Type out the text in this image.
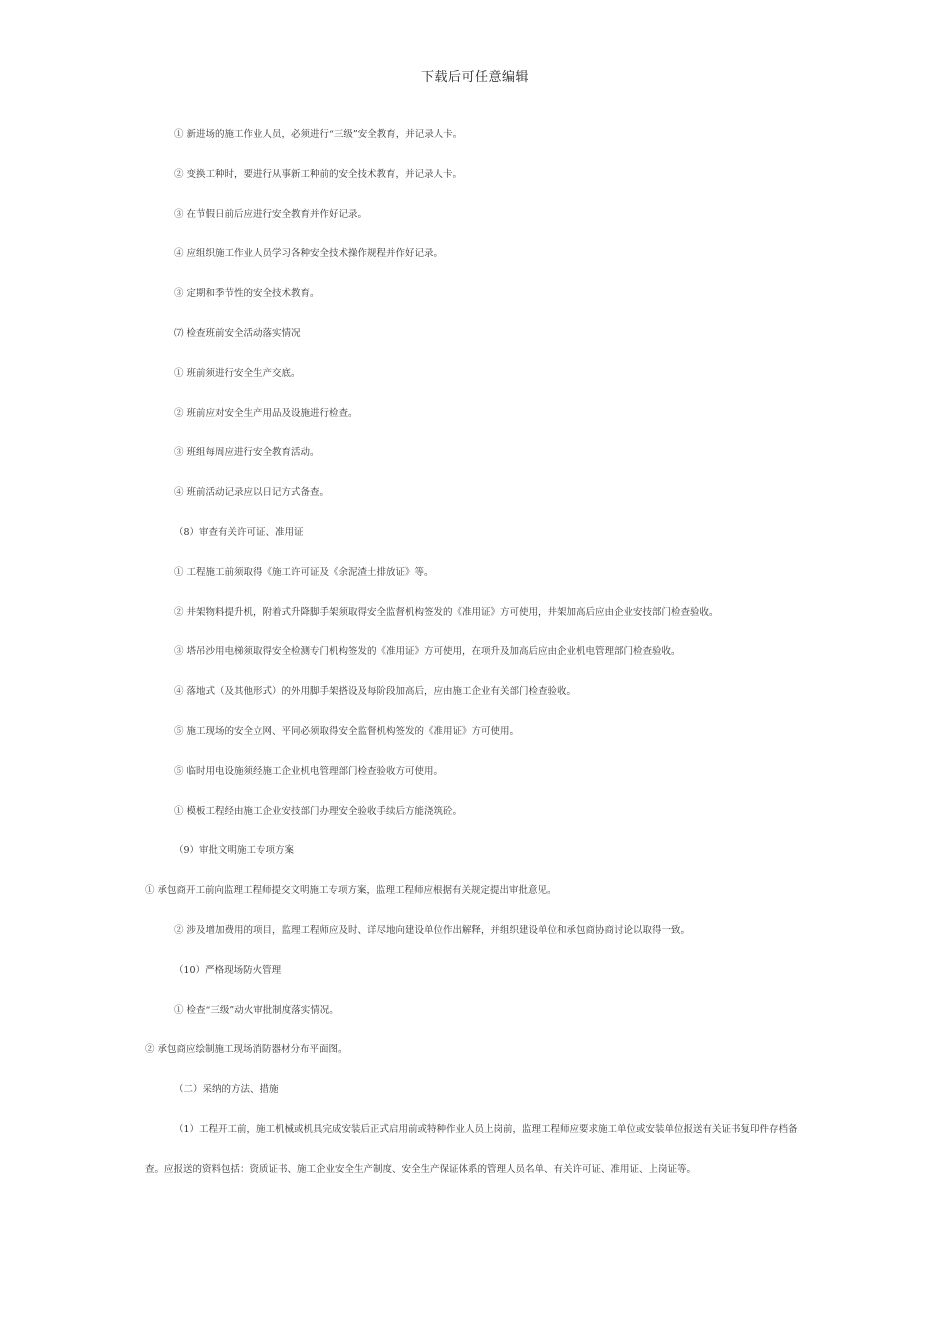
下载后可任意编辑
① 新进场的施工作业人员，必须进行“三级”安全教育，并记录人卡。
② 变换工种时，要进行从事新工种前的安全技术教育，并记录人卡。
③ 在节假日前后应进行安全教育并作好记录。
④ 应组织施工作业人员学习各种安全技术操作规程并作好记录。
③ 定期和季节性的安全技术教育。
⑺ 检查班前安全活动落实情况
① 班前须进行安全生产交底。
② 班前应对安全生产用品及设施进行检查。
③ 班组每周应进行安全教育活动。
④ 班前活动记录应以日记方式备查。
（8）审查有关许可证、准用证
① 工程施工前须取得《施工许可证及《余泥渣土排放证》等。
② 井架物料提升机，附着式升降脚手架须取得安全监督机构签发的《准用证》方可使用，井架加高后应由企业安技部门检查验收。
③ 塔吊沙用电梯须取得安全检测专门机构签发的《准用证》方可使用，在项升及加高后应由企业机电管理部门检查验收。
④ 落地式（及其他形式）的外用脚手架搭设及每阶段加高后，应由施工企业有关部门检查验收。
⑤ 施工现场的安全立网、平同必须取得安全监督机构签发的《准用证》方可使用。
⑤ 临时用电设施须经施工企业机电管理部门检查验收方可使用。
① 模板工程经由施工企业安技部门办理安全验收手续后方能浇筑砼。
（9）审批文明施工专项方案
① 承包商开工前向监理工程师提交文明施工专项方案，监理工程师应根据有关规定提出审批意见。
② 涉及增加费用的项目，监理工程师应及时、详尽地向建设单位作出解释，并组织建设单位和承包商协商讨论以取得一致。
（10）严格现场防火管理
① 检查“三级”动火审批制度落实情况。
② 承包商应绘制施工现场消防器材分布平面图。
（二）采纳的方法、措施
（1）工程开工前，施工机械或机具完成安装后正式启用前或特种作业人员上岗前，监理工程师应要求施工单位或安装单位报送有关证书复印件存档备
查。应报送的资料包括：资质证书、施工企业安全生产制度、安全生产保证体系的管理人员名单、有关许可证、准用证、上岗证等。
